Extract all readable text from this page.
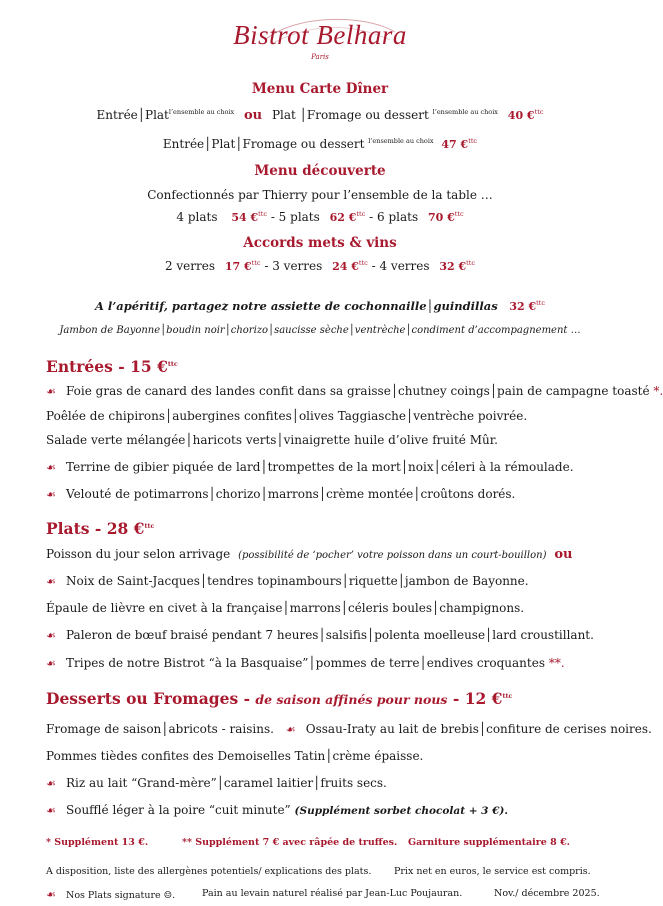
Bistrot Belhara
Paris
Menu Carte Dîner
Entrée│Plat$^{l’ensemble au choix}$ ou Plat │Fromage ou dessert $^{l’ensemble au choix}$ 40 €$^{ttc}$
Entrée│Plat│Fromage ou dessert $^{l’ensemble au choix}$ 47 €$^{ttc}$
Menu découverte
Confectionnés par Thierry pour l’ensemble de la table …
4 plats 54 €$^{ttc}$ - 5 plats 62 €$^{ttc}$ - 6 plats 70 €$^{ttc}$
Accords mets & vins
2 verres 17 €$^{ttc}$ - 3 verres 24 €$^{ttc}$ - 4 verres 32 €$^{ttc}$
A l’apéritif, partagez notre assiette de cochonnaille│guindillas 32 €$^{ttc}$
Jambon de Bayonne│boudin noir│chorizo│saucisse sèche│ventrèche│condiment d’accompagnement …
Entrées - 15 €$^{ttc}$
☙ Foie gras de canard des landes confit dans sa graisse│chutney coings│pain de campagne toasté *.
Poêlée de chipirons│aubergines confites│olives Taggiasche│ventrèche poivrée.
Salade verte mélangée│haricots verts│vinaigrette huile d’olive fruité Mûr.
☙ Terrine de gibier piquée de lard│trompettes de la mort│noix│céleri à la rémoulade.
☙ Velouté de potimarrons│chorizo│marrons│crème montée│croûtons dorés.
Plats - 28 €$^{ttc}$
Poisson du jour selon arrivage (possibilité de ‘pocher’ votre poisson dans un court-bouillon) ou
☙ Noix de Saint-Jacques│tendres topinambours│riquette│jambon de Bayonne.
Épaule de lièvre en civet à la française│marrons│céleris boules│champignons.
☙ Paleron de bœuf braisé pendant 7 heures│salsifis│polenta moelleuse│lard croustillant.
☙ Tripes de notre Bistrot “à la Basquaise”│pommes de terre│endives croquantes **.
Desserts ou Fromages - de saison affinés pour nous - 12 €$^{ttc}$
Fromage de saison│abricots - raisins. ☙ Ossau-Iraty au lait de brebis│confiture de cerises noires.
Pommes tièdes confites des Demoiselles Tatin│crème épaisse.
☙ Riz au lait “Grand-mère”│caramel laitier│fruits secs.
☙ Soufflé léger à la poire “cuit minute” (Supplément sorbet chocolat + 3 €).
* Supplément 13 €.	** Supplément 7 € avec râpée de truffes. Garniture supplémentaire 8 €.
A disposition, liste des allergènes potentiels/ explications des plats. Prix net en euros, le service est compris.
☙ Nos Plats signature ☺.	Pain au levain naturel réalisé par Jean-Luc Poujauran.	Nov./ décembre 2025.
